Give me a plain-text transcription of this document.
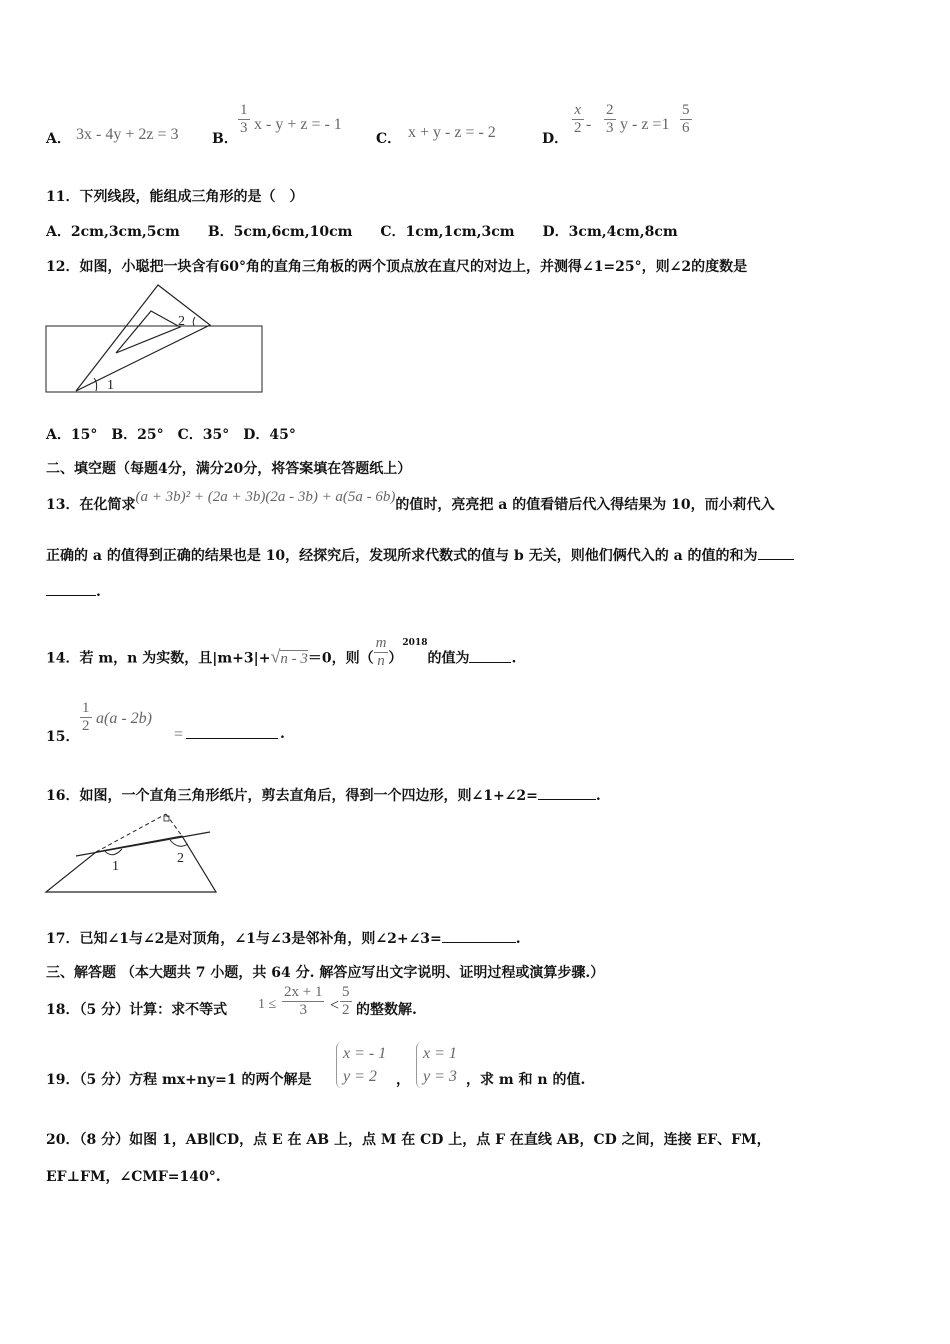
A． 3x - 4y + 2z = 3 B．
$\frac{1}{3}$ x - y + z = - 1
C． x + y - z = - 2	D．
$\frac{x}{2} - \frac{2}{3}$ $y - z =1 \frac{5}{6}$
11．下列线段，能组成三角形的是（　）
A．2cm,3cm,5cm　　B．5cm,6cm,10cm　　C．1cm,1cm,3cm　　D．3cm,4cm,8cm
12．如图，小聪把一块含有60°角的直角三角板的两个顶点放在直尺的对边上，并测得∠1=25°，则∠2的度数是
2
1
A．15°　B．25°　C．35°　D．45°
二、填空题（每题4分，满分20分，将答案填在答题纸上）
13．在化简求(a + 3b)² + (2a + 3b)(2a - 3b) + a(5a - 6b)的值时，亮亮把 a 的值看错后代入得结果为 10，而小莉代入
正确的 a 的值得到正确的结果也是 10，经探究后，发现所求代数式的值与 b 无关，则他们俩代入的 a 的值的和为
.
14．若 m，n 为实数，且|m+3|+√n - 3＝0，则（ $\frac{m}{n} )^{2018}$的值为	.
15．
$\frac{1}{2} a(a - 2b)$
=	.
16．如图，一个直角三角形纸片，剪去直角后，得到一个四边形，则∠1+∠2=	.
1
2
17．已知∠1与∠2是对顶角，∠1与∠3是邻补角，则∠2+∠3=	.
三、解答题 （本大题共 7 小题，共 64 分. 解答应写出文字说明、证明过程或演算步骤.）
18．（5 分）计算：求不等式 $1 \le \frac{2x + 1}{3} < \frac{5}{2}$ 的整数解.
19．（5 分）方程 mx+ny=1 的两个解是
x = - 1
y = 2	，
x = 1
y = 3 ，求 m 和 n 的值.
20．（8 分）如图 1，AB∥CD，点 E 在 AB 上，点 M 在 CD 上，点 F 在直线 AB，CD 之间，连接 EF、FM，
EF⊥FM，∠CMF=140°.
